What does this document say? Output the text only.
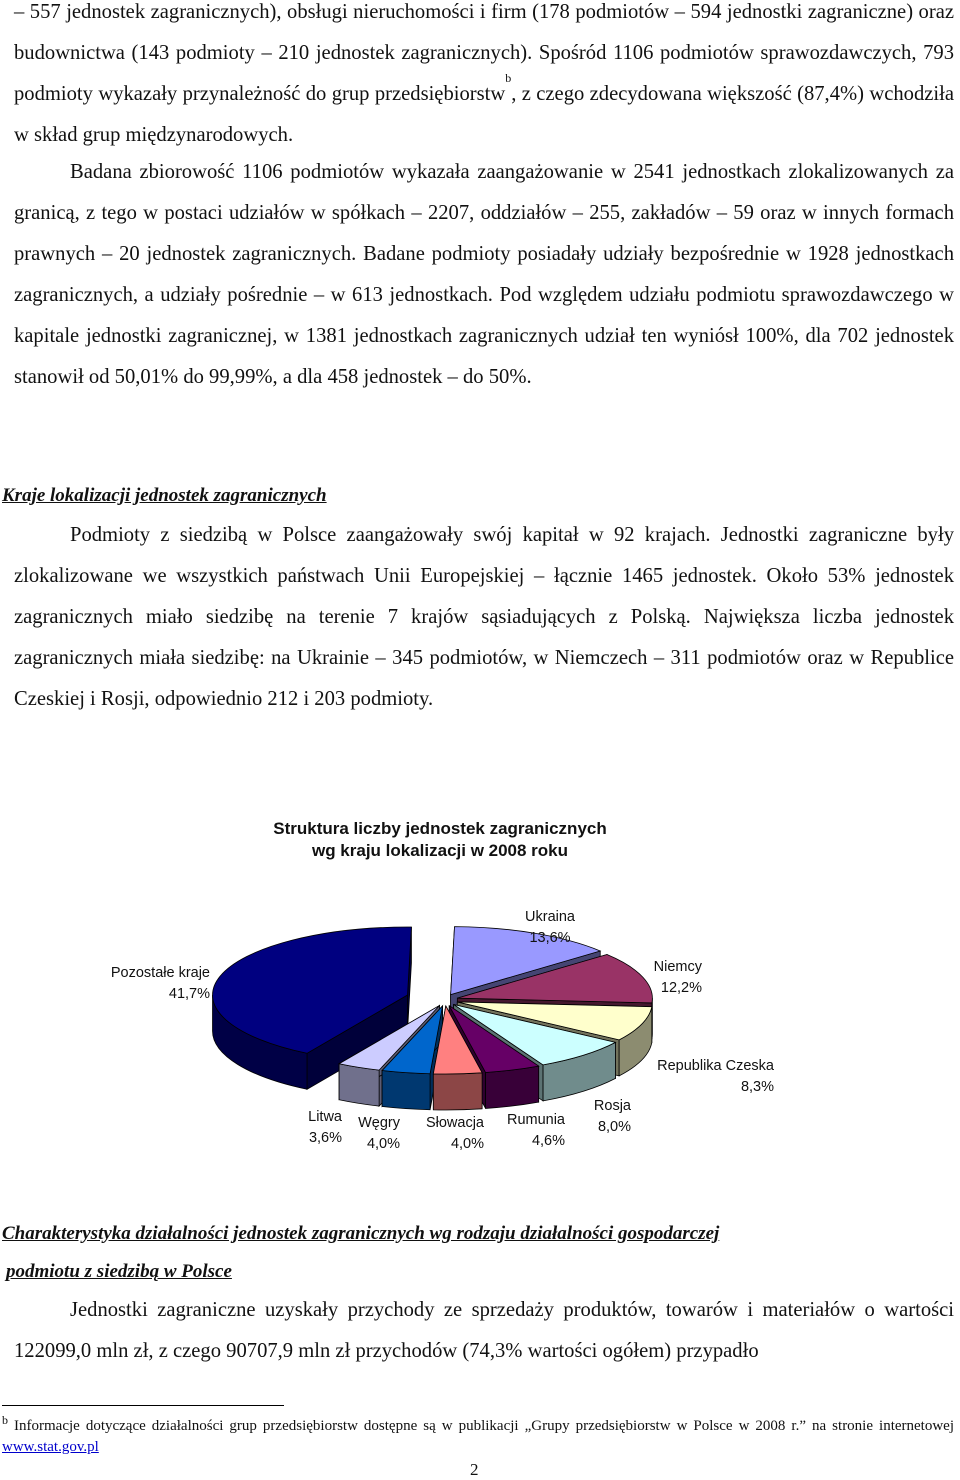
– 557 jednostek zagranicznych), obsługi nieruchomości i firm (178 podmiotów – 594 jednostki zagraniczne) oraz budownictwa (143 podmioty – 210 jednostek zagranicznych). Spośród 1106 podmiotów sprawozdawczych, 793 podmioty wykazały przynależność do grup przedsiębiorstw$^b$, z czego zdecydowana większość (87,4%) wchodziła w skład grup międzynarodowych.
Badana zbiorowość 1106 podmiotów wykazała zaangażowanie w 2541 jednostkach zlokalizowanych za granicą, z tego w postaci udziałów w spółkach – 2207, oddziałów – 255, zakładów – 59 oraz w innych formach prawnych – 20 jednostek zagranicznych. Badane podmioty posiadały udziały bezpośrednie w 1928 jednostkach zagranicznych, a udziały pośrednie – w 613 jednostkach. Pod względem udziału podmiotu sprawozdawczego w kapitale jednostki zagranicznej, w 1381 jednostkach zagranicznych udział ten wyniósł 100%, dla 702 jednostek stanowił od 50,01% do 99,99%, a dla 458 jednostek – do 50%.
Kraje lokalizacji jednostek zagranicznych
Podmioty z siedzibą w Polsce zaangażowały swój kapitał w 92 krajach. Jednostki zagraniczne były zlokalizowane we wszystkich państwach Unii Europejskiej – łącznie 1465 jednostek. Około 53% jednostek zagranicznych miało siedzibę na terenie 7 krajów sąsiadujących z Polską. Największa liczba jednostek zagranicznych miała siedzibę: na Ukrainie – 345 podmiotów, w Niemczech – 311 podmiotów oraz w Republice Czeskiej i Rosji, odpowiednio 212 i 203 podmioty.
Struktura liczby jednostek zagranicznych
wg kraju lokalizacji w 2008 roku
Ukraina
13,6%
Niemcy
12,2%
Republika Czeska
8,3%
Rosja
8,0%
Rumunia
4,6%
Słowacja
4,0%
Węgry
4,0%
Litwa
3,6%
Pozostałe kraje
41,7%
Charakterystyka działalności jednostek zagranicznych wg rodzaju działalności gospodarczej
podmiotu z siedzibą w Polsce
Jednostki zagraniczne uzyskały przychody ze sprzedaży produktów, towarów i materiałów o wartości 122099,0 mln zł, z czego 90707,9 mln zł przychodów (74,3% wartości ogółem) przypadło
$^b$ Informacje dotyczące działalności grup przedsiębiorstw dostępne są w publikacji „Grupy przedsiębiorstw w Polsce w 2008 r.” na stronie internetowej www.stat.gov.pl
2
